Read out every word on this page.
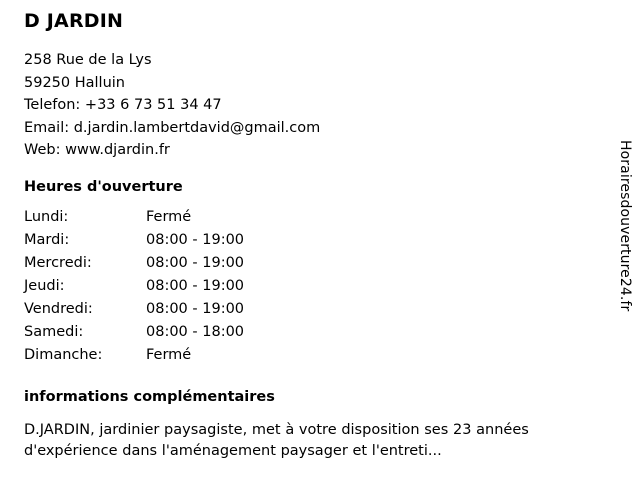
D JARDIN
258 Rue de la Lys
59250 Halluin
Telefon: +33 6 73 51 34 47
Email: d.jardin.lambertdavid@gmail.com
Web: www.djardin.fr
Heures d'ouverture
Lundi:	Fermé
Mardi:	08:00 - 19:00
Mercredi:	08:00 - 19:00
Jeudi:	08:00 - 19:00
Vendredi:	08:00 - 19:00
Samedi:	08:00 - 18:00
Dimanche:	Fermé
informations complémentaires
D.JARDIN, jardinier paysagiste, met à votre disposition ses 23 années d'expérience dans l'aménagement paysager et l'entreti...
Horairesdouverture24.fr
